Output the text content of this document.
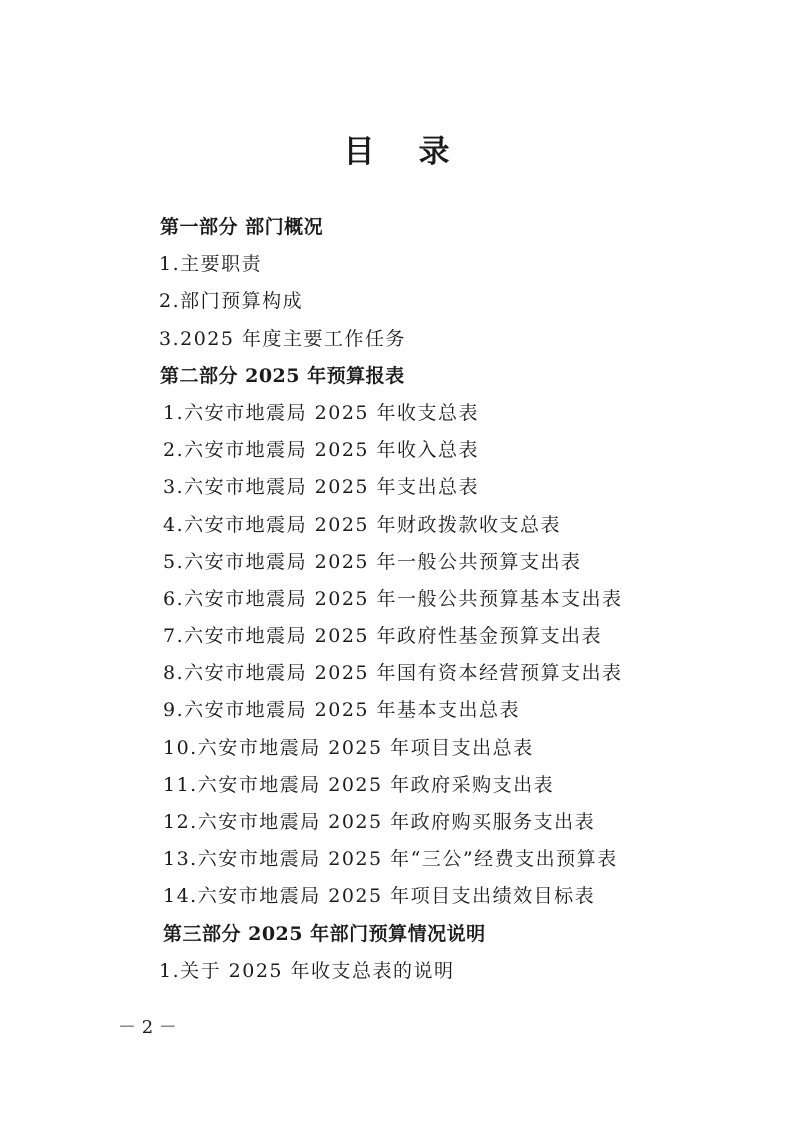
目 录
第一部分 部门概况
1.主要职责
2.部门预算构成
3.2025 年度主要工作任务
第二部分 2025 年预算报表
1.六安市地震局 2025 年收支总表
2.六安市地震局 2025 年收入总表
3.六安市地震局 2025 年支出总表
4.六安市地震局 2025 年财政拨款收支总表
5.六安市地震局 2025 年一般公共预算支出表
6.六安市地震局 2025 年一般公共预算基本支出表
7.六安市地震局 2025 年政府性基金预算支出表
8.六安市地震局 2025 年国有资本经营预算支出表
9.六安市地震局 2025 年基本支出总表
10.六安市地震局 2025 年项目支出总表
11.六安市地震局 2025 年政府采购支出表
12.六安市地震局 2025 年政府购买服务支出表
13.六安市地震局 2025 年“三公”经费支出预算表
14.六安市地震局 2025 年项目支出绩效目标表
第三部分 2025 年部门预算情况说明
1.关于 2025 年收支总表的说明
－ 2 －
